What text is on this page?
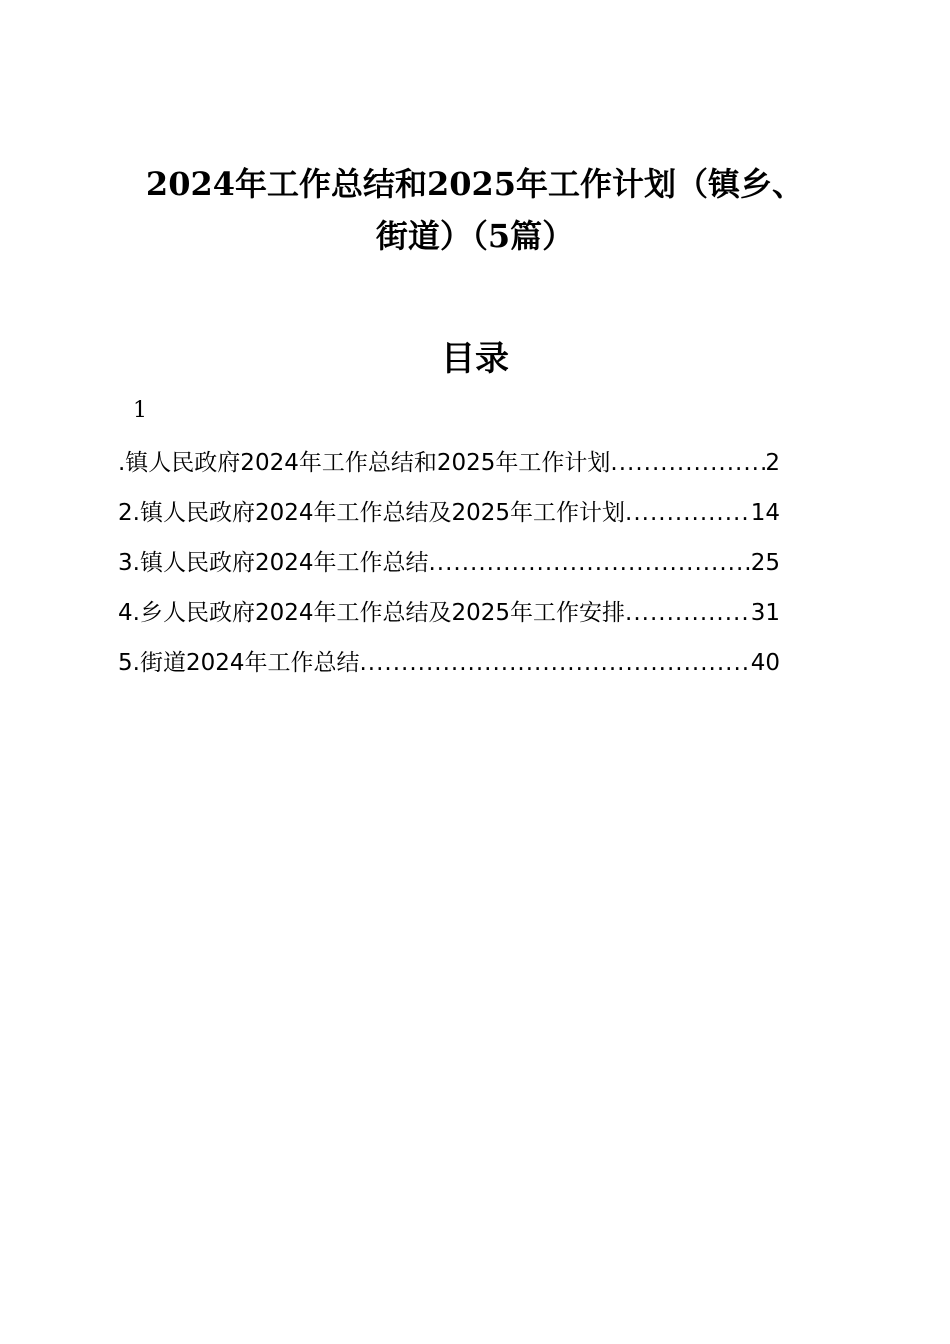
2024年工作总结和2025年工作计划（镇乡、
街道）（5篇）
目录
1
.镇人民政府2024年工作总结和2025年工作计划 .....	2
2.镇人民政府2024年工作总结及2025年工作计划 .....	14
3.镇人民政府2024年工作总结 .....	25
4.乡人民政府2024年工作总结及2025年工作安排 .....	31
5.街道2024年工作总结 .....	40
